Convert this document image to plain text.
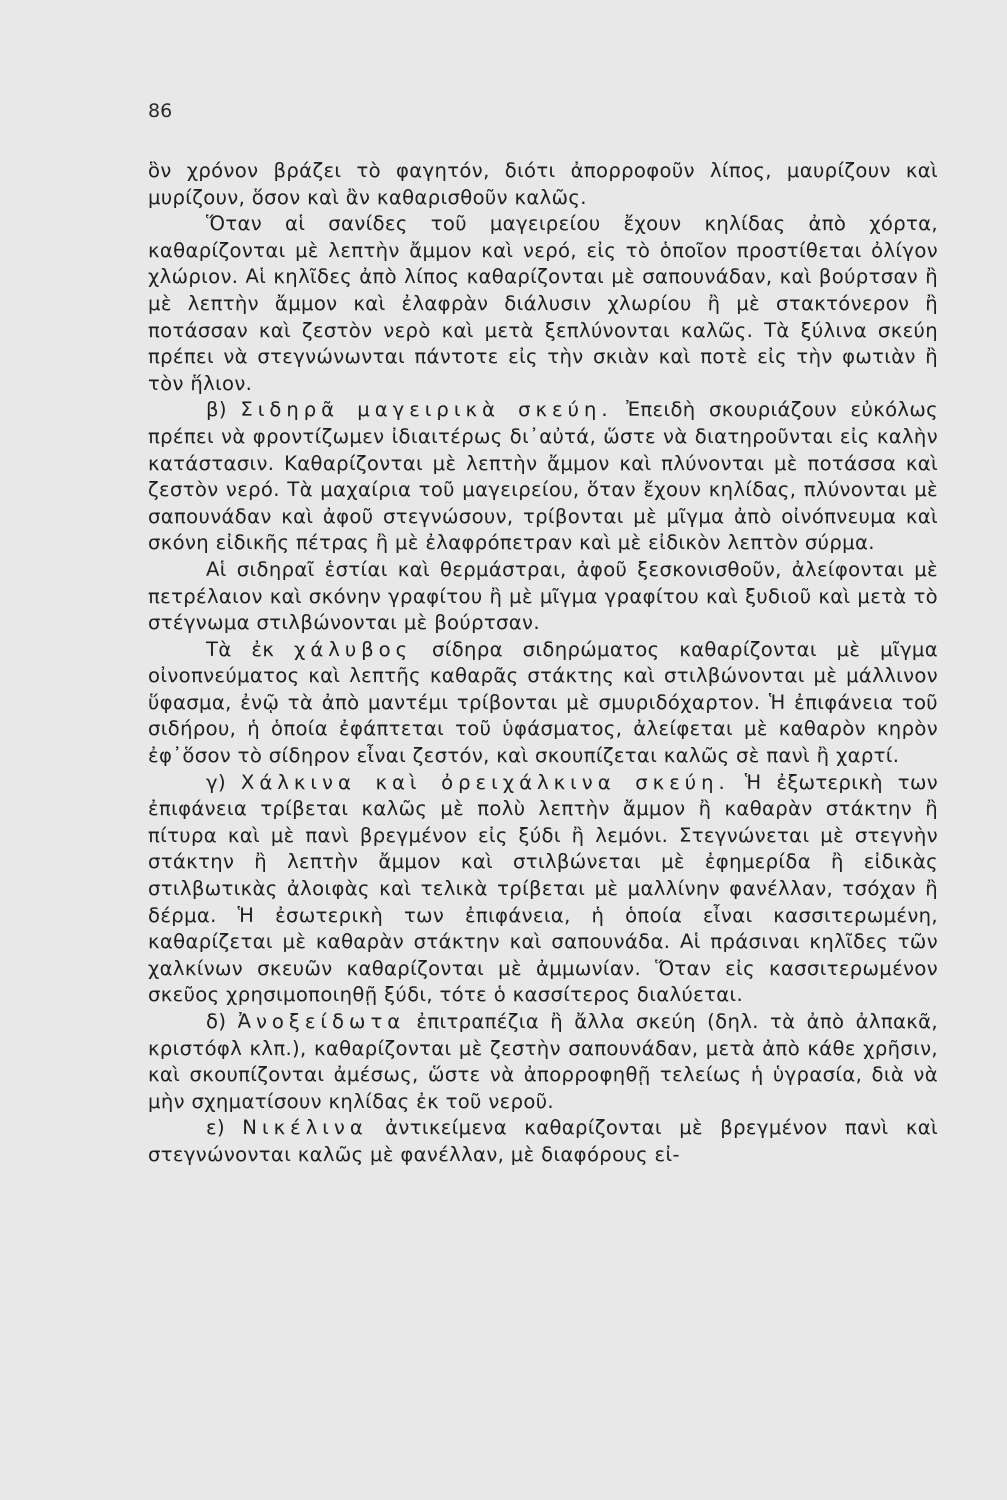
86

ὃν χρόνον βράζει τὸ φαγητόν, διότι ἀπορροφοῦν λίπος, μαυρίζουν καὶ μυρίζουν, ὅσον καὶ ἂν καθαρισθοῦν καλῶς.

Ὅταν αἱ σανίδες τοῦ μαγειρείου ἔχουν κηλίδας ἀπὸ χόρτα, καθαρίζονται μὲ λεπτὴν ἄμμον καὶ νερό, εἰς τὸ ὁποῖον προστίθεται ὀλίγον χλώριον. Αἱ κηλῖδες ἀπὸ λίπος καθαρίζονται μὲ σαπουνάδαν, καὶ βούρτσαν ἢ μὲ λεπτὴν ἄμμον καὶ ἐλαφρὰν διάλυσιν χλωρίου ἢ μὲ στακτόνερον ἢ ποτάσσαν καὶ ζεστὸν νερὸ καὶ μετὰ ξεπλύνονται καλῶς. Τὰ ξύλινα σκεύη πρέπει νὰ στεγνώνωνται πάντοτε εἰς τὴν σκιὰν καὶ ποτὲ εἰς τὴν φωτιὰν ἢ τὸν ἥλιον.

β) Σιδηρᾶ μαγειρικὰ σκεύη. Ἐπειδὴ σκουριάζουν εὐκόλως πρέπει νὰ φροντίζωμεν ἰδιαιτέρως δι᾽αὐτά, ὥστε νὰ διατηροῦνται εἰς καλὴν κατάστασιν. Καθαρίζονται μὲ λεπτὴν ἄμμον καὶ πλύνονται μὲ ποτάσσα καὶ ζεστὸν νερό. Τὰ μαχαίρια τοῦ μαγειρείου, ὅταν ἔχουν κηλίδας, πλύνονται μὲ σαπουνάδαν καὶ ἀφοῦ στεγνώσουν, τρίβονται μὲ μῖγμα ἀπὸ οἰνόπνευμα καὶ σκόνη εἰδικῆς πέτρας ἢ μὲ ἐλαφρόπετραν καὶ μὲ εἰδικὸν λεπτὸν σύρμα.

Αἱ σιδηραῖ ἑστίαι καὶ θερμάστραι, ἀφοῦ ξεσκονισθοῦν, ἀλείφονται μὲ πετρέλαιον καὶ σκόνην γραφίτου ἢ μὲ μῖγμα γραφίτου καὶ ξυδιοῦ καὶ μετὰ τὸ στέγνωμα στιλβώνονται μὲ βούρτσαν.

Τὰ ἐκ χάλυβος σίδηρα σιδηρώματος καθαρίζονται μὲ μῖγμα οἰνοπνεύματος καὶ λεπτῆς καθαρᾶς στάκτης καὶ στιλβώνονται μὲ μάλλινον ὕφασμα, ἐνῷ τὰ ἀπὸ μαντέμι τρίβονται μὲ σμυριδόχαρτον. Ἡ ἐπιφάνεια τοῦ σιδήρου, ἡ ὁποία ἐφάπτεται τοῦ ὑφάσματος, ἀλείφεται μὲ καθαρὸν κηρὸν ἐφ᾽ὅσον τὸ σίδηρον εἶναι ζεστόν, καὶ σκουπίζεται καλῶς σὲ πανὶ ἢ χαρτί.

γ) Χάλκινα καὶ ὀρειχάλκινα σκεύη. Ἡ ἐξωτερικὴ των ἐπιφάνεια τρίβεται καλῶς μὲ πολὺ λεπτὴν ἄμμον ἢ καθαρὰν στάκτην ἢ πίτυρα καὶ μὲ πανὶ βρεγμένον εἰς ξύδι ἢ λεμόνι. Στεγνώνεται μὲ στεγνὴν στάκτην ἢ λεπτὴν ἄμμον καὶ στιλβώνεται μὲ ἐφημερίδα ἢ εἰδικὰς στιλβωτικὰς ἀλοιφὰς καὶ τελικὰ τρίβεται μὲ μαλλίνην φανέλλαν, τσόχαν ἢ δέρμα. Ἡ ἐσωτερικὴ των ἐπιφάνεια, ἡ ὁποία εἶναι κασσιτερωμένη, καθαρίζεται μὲ καθαρὰν στάκτην καὶ σαπουνάδα. Αἱ πράσιναι κηλῖδες τῶν χαλκίνων σκευῶν καθαρίζονται μὲ ἀμμωνίαν. Ὅταν εἰς κασσιτερωμένον σκεῦος χρησιμοποιηθῇ ξύδι, τότε ὁ κασσίτερος διαλύεται.

δ) Ἀνοξείδωτα ἐπιτραπέζια ἢ ἄλλα σκεύη (δηλ. τὰ ἀπὸ ἀλπακᾶ, κριστόφλ κλπ.), καθαρίζονται μὲ ζεστὴν σαπουνάδαν, μετὰ ἀπὸ κάθε χρῆσιν, καὶ σκουπίζονται ἀμέσως, ὥστε νὰ ἀπορροφηθῇ τελείως ἡ ὑγρασία, διὰ νὰ μὴν σχηματίσουν κηλίδας ἐκ τοῦ νεροῦ.

ε) Νικέλινα ἀντικείμενα καθαρίζονται μὲ βρεγμένον πανὶ καὶ στεγνώνονται καλῶς μὲ φανέλλαν, μὲ διαφόρους εἰ-
